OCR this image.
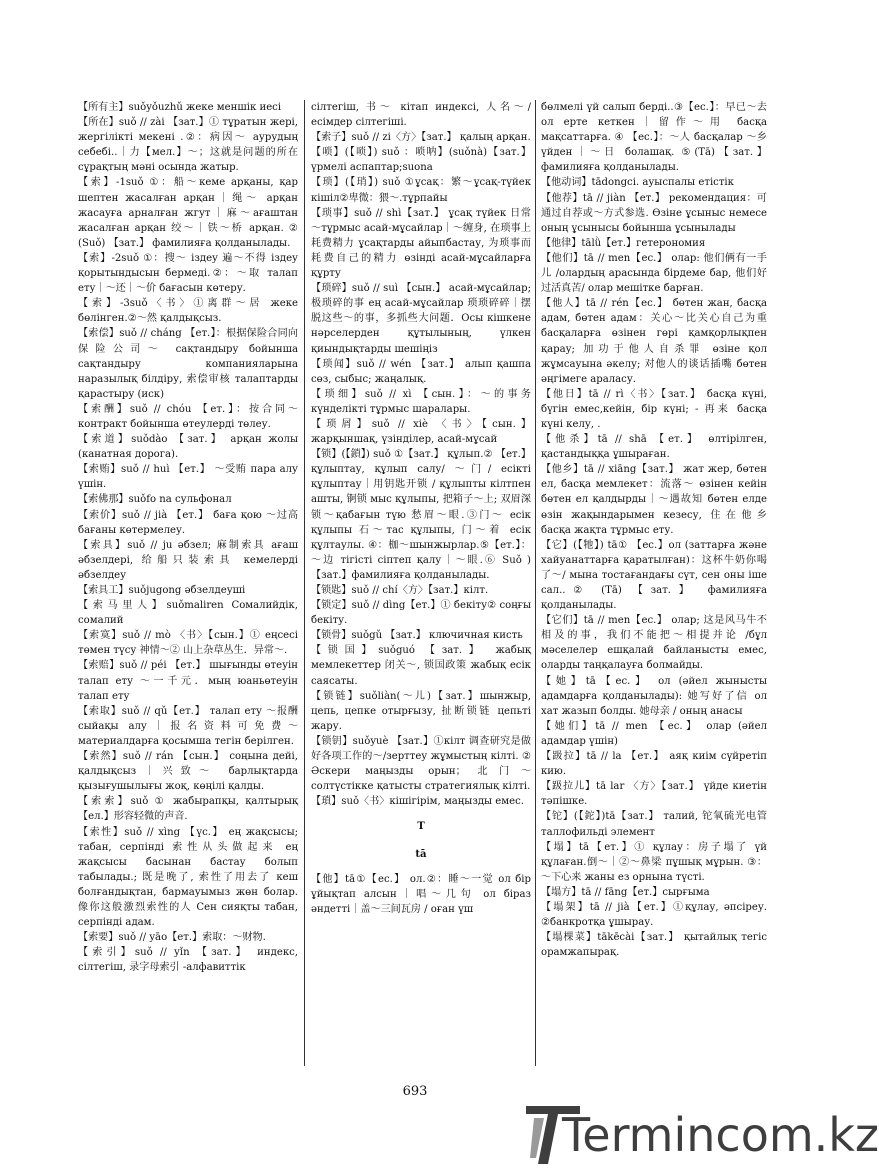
【所有主】suǒyǒuzhǔ жеке меншік иесі

【所在】suǒ // zài 【зат.】① тұратын жері, жергілікті мекені .②：病因～ аурудың себебі..｜力【мел.】～；这就是问题的所在 сұрақтың мәні осында жатыр.

【索】-1suǒ ①：船～кеме арқаны, қар шептен жасалған арқан｜绳～ арқан жасауға арналған жгут｜麻～ағаштан жасалған арқан 绞～｜铁～桥 арқан. ② (Suǒ) 【зат.】 фамилияға қолданылады.

【索】-2suǒ ①：搜～ іздеу 遍～不得 іздеу қорытындысын бермеді.②：～取 талап ету｜～还｜～价 бағасын көтеру.

【索】-3suǒ〈书〉①离群～居 жеке бөлінген.②～然 қалдықсыз.

【索偿】suǒ // cháng 【ет.】：根据保险合同向保险公司～ сақтандыру бойынша сақтандыру компанияларына наразылық білдіру, 索偿审核 талаптарды қарастыру (иск)

【索酬】suǒ // chóu 【ет.】：按合同～ контракт бойынша өтеулерді төлеу.

【索道】suǒdào 【зат.】 арқан жолы (канатная дорога).

【索贿】suǒ // huì 【ет.】 ～受贿 пара алу үшін.

【索佛那】suǒfo na сульфонал

【索价】suǒ // jià 【ет.】 баға қою ～过高 бағаны көтермелеу.

【索具】suǒ // ju әбзел; 麻制索具 ағаш әбзелдері, 给船只装索具 кемелерді әбзелдеу

【索具工】suǒjugong әбзелдеуші

【索马里人】suǒmaliren Сомалийдік, сомалий

【索寞】suǒ // mò 〈书〉【сын.】① еңсесі төмен түсу 神情～② 山上杂草丛生．异常～.

【索赔】suǒ // péi 【ет.】 шығынды өтеуін талап ету ～一千元．мың юаньөтеуін талап ету

【索取】suǒ // qǔ【ет.】 талап ету ～报酬 сыйақы алу｜报名资料可免费～ материалдарға қосымша тегін берілген.

【索然】suǒ // rán 【сын.】 соңына дейі, қалдықсыз｜兴致～ барлықтарда қызығушылығы жоқ, көңілі қалды.

【索索】suǒ ① жабырапқы, қалтырық【ел.】形容轻微的声音.

【索性】suǒ // xìng 【үс.】 ең жақсысы; табан, серпінді 索性从头做起来 ең жақсысы басынан бастау болып табылады.; 既是晚了, 索性了用去了 кеш болғандықтан, бармауымыз жөн болар. 像你这般激烈索性的人 Сен сияқты табан, серпінді адам.

【索要】suǒ // yāo【ет.】索取：～财物.

【索引】suǒ // yǐn 【зат.】 индекс, сілтегіш, 录字母索引 -алфавиттік

сілтегіш, 书～ кітап индексі, 人名～/ есімдер сілтегіші.

【索子】suǒ // zi〈方〉【зат.】 қалың арқан.

【唢】(【唢】) suǒ ：唢呐】(suǒnà)【зат.】үрмелі аспаптар;suona

【琐】(【琑】) suǒ ①ұсақ：繁～ұсақ-түйек кішіл②卑微：猥～.тұрпайы

【琐事】suǒ // shì【зат.】 ұсақ түйек 日常～тұрмыс асай-мұсайлар｜～缠身, 在琐事上耗费精力 ұсақтарды айыпбастау, 为琐事而耗费自己的精力 өзінді асай-мұсайларға құрту

【琐碎】suǒ // suì 【сын.】 асай-мұсайлар; 极琐碎的事 ең асай-мұсайлар 琐琐碎碎｜摆脱这些～的事，多抓些大问题．Осы кішкене нәрселерден құтылының, үлкен қиындықтарды шешіңіз

【琐闻】suǒ // wén 【зат.】 алып қашпа сөз, сыбыс; жаңалық.

【琐细】suǒ // xì 【сын.】：～的事务 күнделікті тұрмыс шаралары.

【琐屑】suǒ // xiè 〈书〉【сын.】 жарқыншақ, үзінділер, асай-мұсай

【锁】(【鎖】) suǒ ①【зат.】 құлып.② 【ет.】 құлыптау, құлып салу/ ～门/ есікті құлыптау｜用钥匙开锁 / құлыпты кілтпен ашты, 锕锁 мыс құлыпы, 把箱子～上; 双眉深锁～қабағын түю 愁眉～眼.③门～ есік құлыпы 石～тас құлыпы, 门～着 есік құлтаулы. ④：枷～шынжырлар.⑤【ет.】：～边 тігісті сіптеп қалу｜～眼.⑥ Suǒ )【зат.】фамилияға қолданылады.

【锁匙】suǒ // chí〈方〉【зат.】кілт.

【锁定】suǒ // dìng【ет.】① бекіту② соңғы бекіту.

【锁骨】suǒgǔ 【зат.】 ключичная кисть

【锁国】suǒguó 【зат.】 жабық мемлекеттер 闭关～, 锁国政策 жабық есік саясаты.

【锁链】suǒliàn(～儿)【зат.】шынжыр, цепь, цепке отырғызу, 扯断锁链 цепьті жару.

【锁钥】suǒyuè 【зат.】①кілт 调查研究是做好各项工作的～/зерттеу жұмыстың кілті. ② Әскери маңызды орын；北门～солтүстікке қатысты стратегиялық кілті.

【瑣】suǒ〈书〉кішігірім, маңызды емес.

T

tā

【他】tā①【ес.】 ол.②：睡～一觉 ол бір ұйықтап алсын｜唱～几句 ол біраз әндетті｜盖～三间瓦房 / оған үш

бөлмелі үй салып берді..③【ес.】：早已～去 ол ерте кеткен｜留作～用 басқа мақсаттарға. ④ 【ес.】：～人 басқалар ～乡 үйден｜～日 болашақ. ⑤(Tā)【зат.】фамилияға қолданылады.

【他动词】tādongci. ауыспалы етістік

【他荐】tā // jiàn 【ет.】 рекомендация：可通过自荐或～方式参选. Өзіне ұсыныс немесе оның ұсынысы бойынша ұсынылады

【他律】tālǜ【ет.】гетерономия

【他们】tā // men【ес.】 олар: 他们俩有一手儿 /олардың арасында бірдеме бар, 他们好过活真苦/ олар мешітке барған.

【他人】tā // rén【ес.】 бөтен жан, басқа адам, бөтен адам：关心～比关心自己为重 басқаларға өзінен гөрі қамқорлықпен қарау; 加功于他人自杀罪 өзіне қол жұмсауына әкелу; 对他人的谈话插嘴 бөтен әңгімеге араласу.

【他日】tā // rì〈书〉【зат.】 басқа күні, бүгін емес,кейін, бір күні; - 再来 басқа күні келу, .

【他杀】tā // shā 【ет.】 өлтірілген, қастандыққа ұшыраған.

【他乡】tā // xiāng【зат.】 жат жер, бөтен ел, басқа мемлекет：流落～ өзінен кейін бөтен ел қалдырды｜～遇故知 бөтен елде өзін жақындарымен кезесу, 住在他乡 басқа жақта тұрмыс ету.

【它】(【牠】) tā① 【ес.】ол (заттарға және хайуанаттарға қаратылған)：这杯牛奶你喝了～/ мына тостағандағы сүт, сен оны іше сал..② (Tā) 【зат.】 фамилияға қолданылады.

【它们】tā // men【ес.】 олар; 这是风马牛不相及的事，我们不能把～相提并论 /бұл мәселелер ешқалай байланысты емес, оларды таңқалауға болмайды.

【她】tā【ес.】 ол (әйел жынысты адамдарға қолданылады): 她写好了信 ол хат жазып болды. 她母亲 / оның анасы

【她们】tā // men 【ес.】 олар (әйел адамдар үшін)

【趿拉】tā // la 【ет.】 аяқ киім сүйретіп кию.

【趿拉儿】tā lar 〈方〉【зат.】 үйде киетін тәпішке.

【铊】(【鉈】)tā【зат.】 талий, 铊氧硫光电管 таллофильді элемент

【塌】tā【ет.】① құлау：房子塌了 үй құлаған.倒～｜②～鼻梁 пұшық мұрын. ③：～下心来 жаны ез орнына түсті.

【塌方】tā // fāng【ет.】сырғыма

【塌架】tā // jià【ет.】①құлау, әпсіреу. ②банкротқа ұшырау.

【塌棵菜】tākēcài【зат.】 қытайлық тегіс орамжапырақ.

693
Termincom.kz
